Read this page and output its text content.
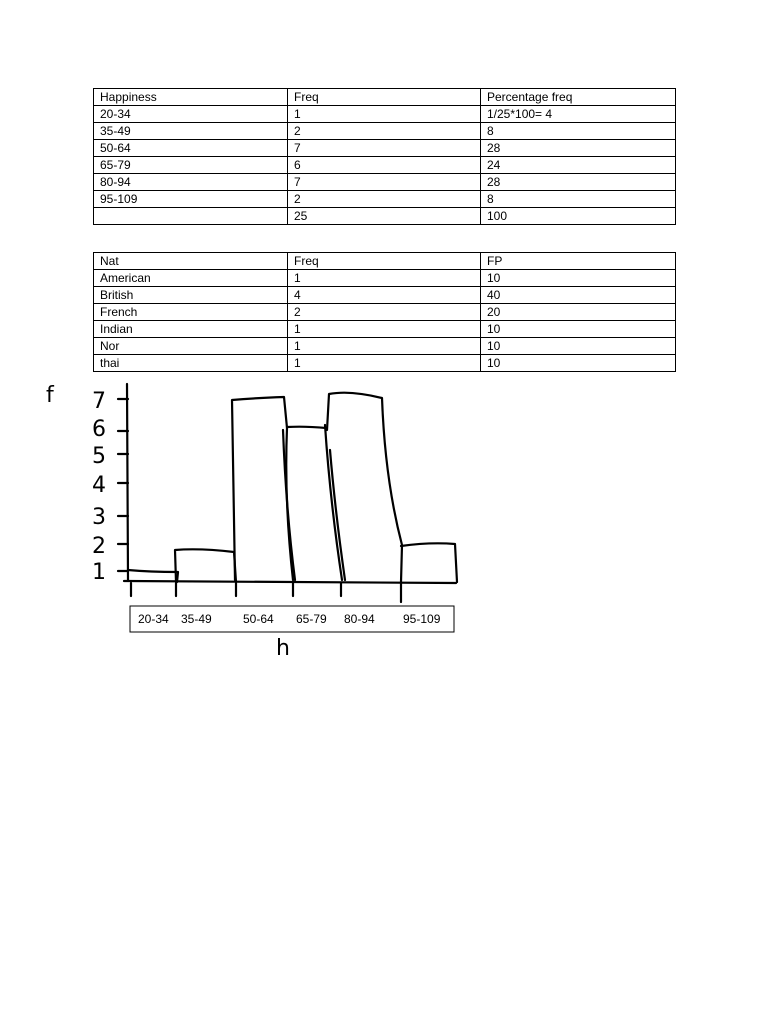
Happiness	Freq	Percentage freq
20-34	1	1/25*100= 4
35-49	2	8
50-64	7	28
65-79	6	24
80-94	7	28
95-109	2	8
	25	100
Nat	Freq	FP
American	1	10
British	4	40
French	2	20
Indian	1	10
Nor	1	10
thai	1	10
f
h
7
6
5
4
3
2
1
20-34 35-49	50-64 65-79 80-94 95-109
